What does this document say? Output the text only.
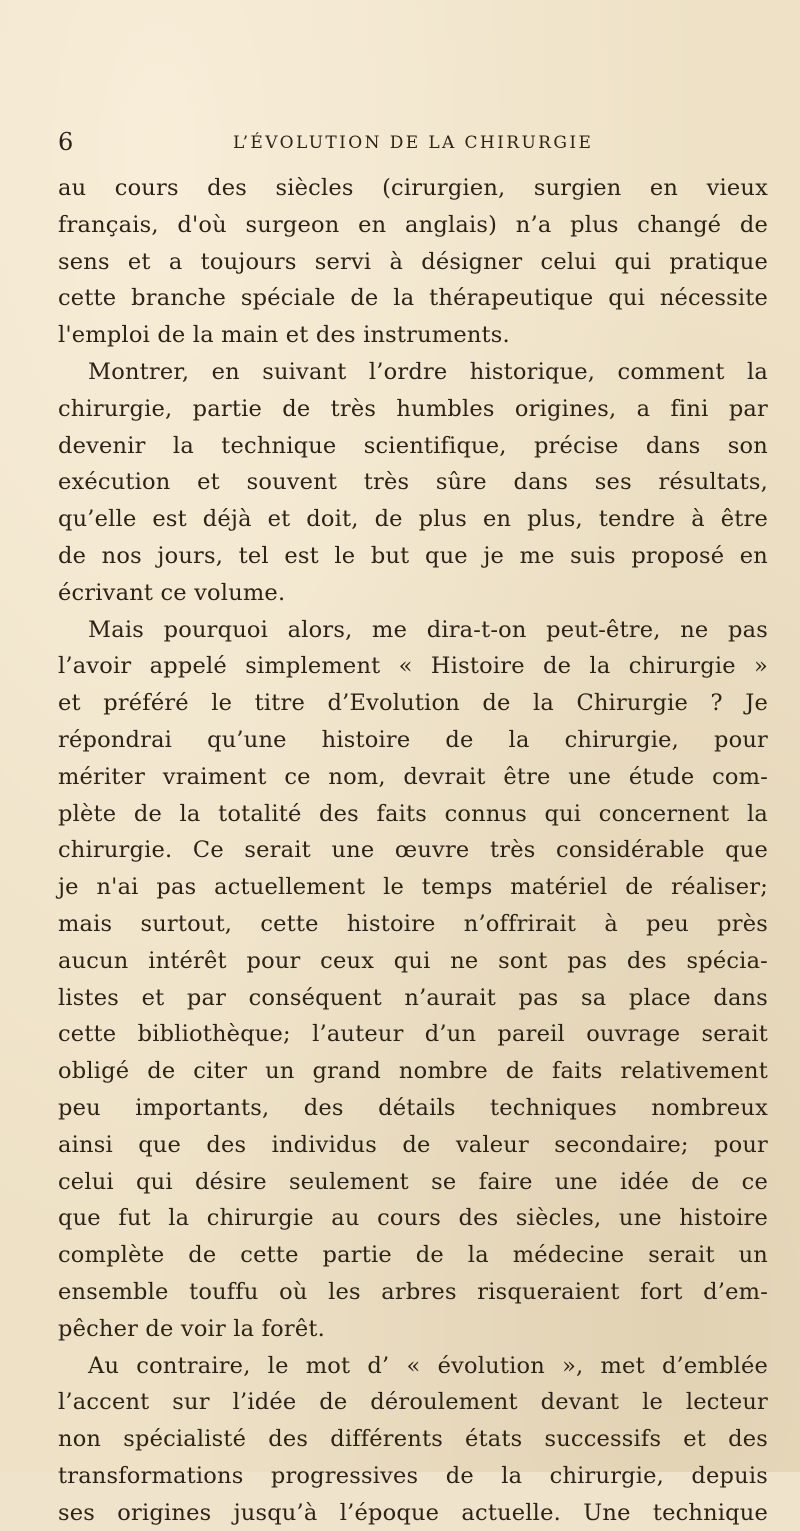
6	L’ÉVOLUTION DE LA CHIRURGIE
au cours des siècles (cirurgien, surgien en vieux
français, d'où surgeon en anglais) n’a plus changé de
sens et a toujours servi à désigner celui qui pratique
cette branche spéciale de la thérapeutique qui nécessite
l'emploi de la main et des instruments.
Montrer, en suivant l’ordre historique, comment la
chirurgie, partie de très humbles origines, a fini par
devenir la technique scientifique, précise dans son
exécution et souvent très sûre dans ses résultats,
qu’elle est déjà et doit, de plus en plus, tendre à être
de nos jours, tel est le but que je me suis proposé en
écrivant ce volume.
Mais pourquoi alors, me dira-t-on peut-être, ne pas
l’avoir appelé simplement « Histoire de la chirurgie »
et préféré le titre d’Evolution de la Chirurgie ? Je
répondrai qu’une histoire de la chirurgie, pour
mériter vraiment ce nom, devrait être une étude com-
plète de la totalité des faits connus qui concernent la
chirurgie. Ce serait une œuvre très considérable que
je n'ai pas actuellement le temps matériel de réaliser;
mais surtout, cette histoire n’offrirait à peu près
aucun intérêt pour ceux qui ne sont pas des spécia-
listes et par conséquent n’aurait pas sa place dans
cette bibliothèque; l’auteur d’un pareil ouvrage serait
obligé de citer un grand nombre de faits relativement
peu importants, des détails techniques nombreux
ainsi que des individus de valeur secondaire; pour
celui qui désire seulement se faire une idée de ce
que fut la chirurgie au cours des siècles, une histoire
complète de cette partie de la médecine serait un
ensemble touffu où les arbres risqueraient fort d’em-
pêcher de voir la forêt.
Au contraire, le mot d’ « évolution », met d’emblée
l’accent sur l’idée de déroulement devant le lecteur
non spécialisté des différents états successifs et des
transformations progressives de la chirurgie, depuis
ses origines jusqu’à l’époque actuelle. Une technique
